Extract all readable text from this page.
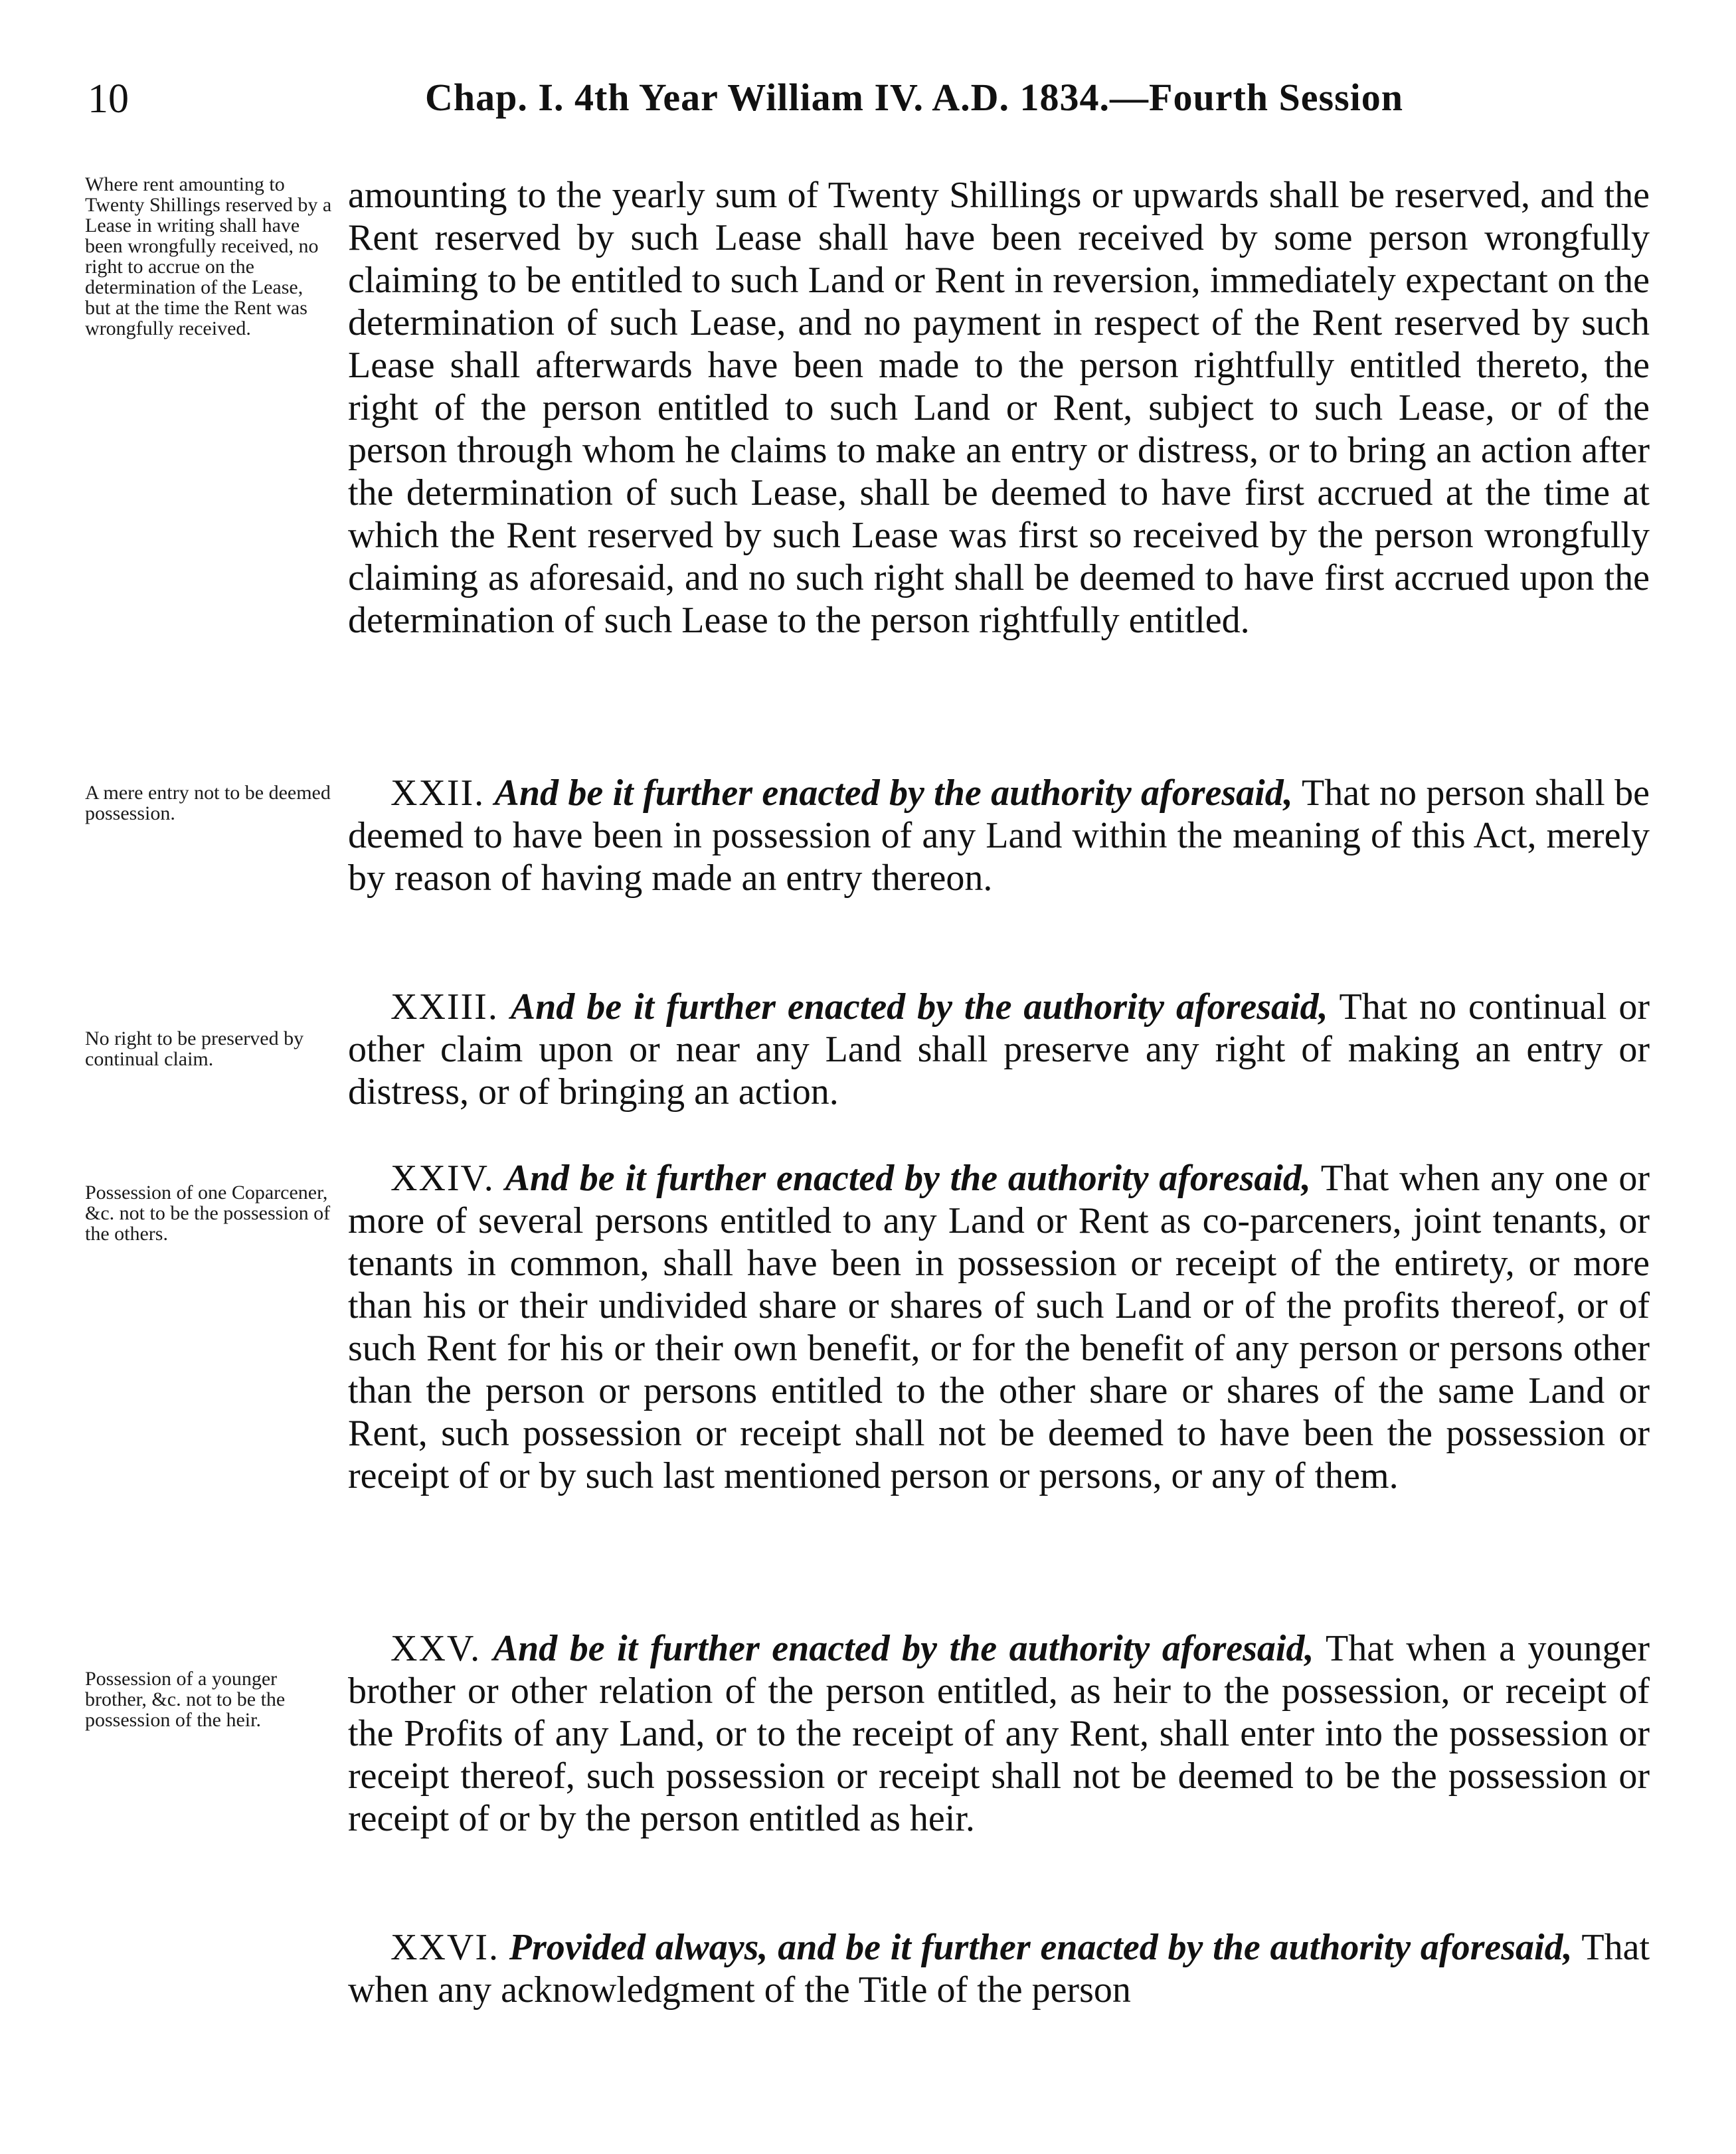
10	Chap. I. 4th Year William IV. A.D. 1834.—Fourth Session
Where rent amounting to Twenty Shillings reserved by a Lease in writing shall have been wrongfully received, no right to accrue on the determination of the Lease, but at the time the Rent was wrongfully received.
A mere entry not to be deemed possession.
No right to be preserved by continual claim.
Possession of one Coparcener, &c. not to be the possession of the others.
Possession of a younger brother, &c. not to be the possession of the heir.
amounting to the yearly sum of Twenty Shillings or upwards shall be reserved, and the Rent reserved by such Lease shall have been received by some person wrongfully claiming to be entitled to such Land or Rent in reversion, immediately expectant on the determination of such Lease, and no payment in respect of the Rent reserved by such Lease shall afterwards have been made to the person rightfully entitled thereto, the right of the person entitled to such Land or Rent, subject to such Lease, or of the person through whom he claims to make an entry or distress, or to bring an action after the determination of such Lease, shall be deemed to have first accrued at the time at which the Rent reserved by such Lease was first so received by the person wrongfully claiming as aforesaid, and no such right shall be deemed to have first accrued upon the determination of such Lease to the person rightfully entitled.
XXII. And be it further enacted by the authority aforesaid, That no person shall be deemed to have been in possession of any Land within the meaning of this Act, merely by reason of having made an entry thereon.
XXIII. And be it further enacted by the authority aforesaid, That no continual or other claim upon or near any Land shall preserve any right of making an entry or distress, or of bringing an action.
XXIV. And be it further enacted by the authority aforesaid, That when any one or more of several persons entitled to any Land or Rent as co-parceners, joint tenants, or tenants in common, shall have been in possession or receipt of the entirety, or more than his or their undivided share or shares of such Land or of the profits thereof, or of such Rent for his or their own benefit, or for the benefit of any person or persons other than the person or persons entitled to the other share or shares of the same Land or Rent, such possession or receipt shall not be deemed to have been the possession or receipt of or by such last mentioned person or persons, or any of them.
XXV. And be it further enacted by the authority aforesaid, That when a younger brother or other relation of the person entitled, as heir to the possession, or receipt of the Profits of any Land, or to the receipt of any Rent, shall enter into the possession or receipt thereof, such possession or receipt shall not be deemed to be the possession or receipt of or by the person entitled as heir.
XXVI. Provided always, and be it further enacted by the authority aforesaid, That when any acknowledgment of the Title of the person
